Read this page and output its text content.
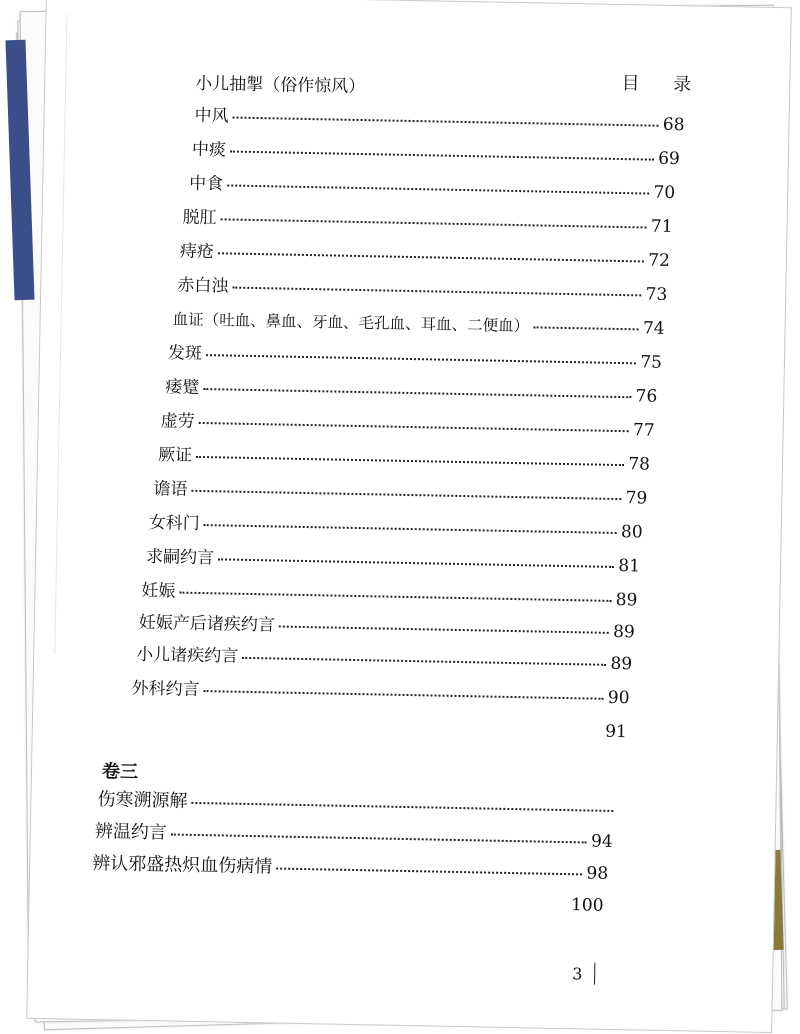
目 录
小儿抽掣（俗作惊风）
中风	68
中痰	69
中食	70
脱肛	71
痔疮	72
赤白浊	73
血证（吐血、鼻血、牙血、毛孔血、耳血、二便血）	74
发斑	75
痿躄	76
虚劳	77
厥证	78
谵语	79
女科门	80
求嗣约言	81
妊娠	89
妊娠产后诸疾约言	89
小儿诸疾约言	89
外科约言	90
91
卷三
伤寒溯源解
辨温约言	94
辨认邪盛热炽血伤病情	98
100
3
